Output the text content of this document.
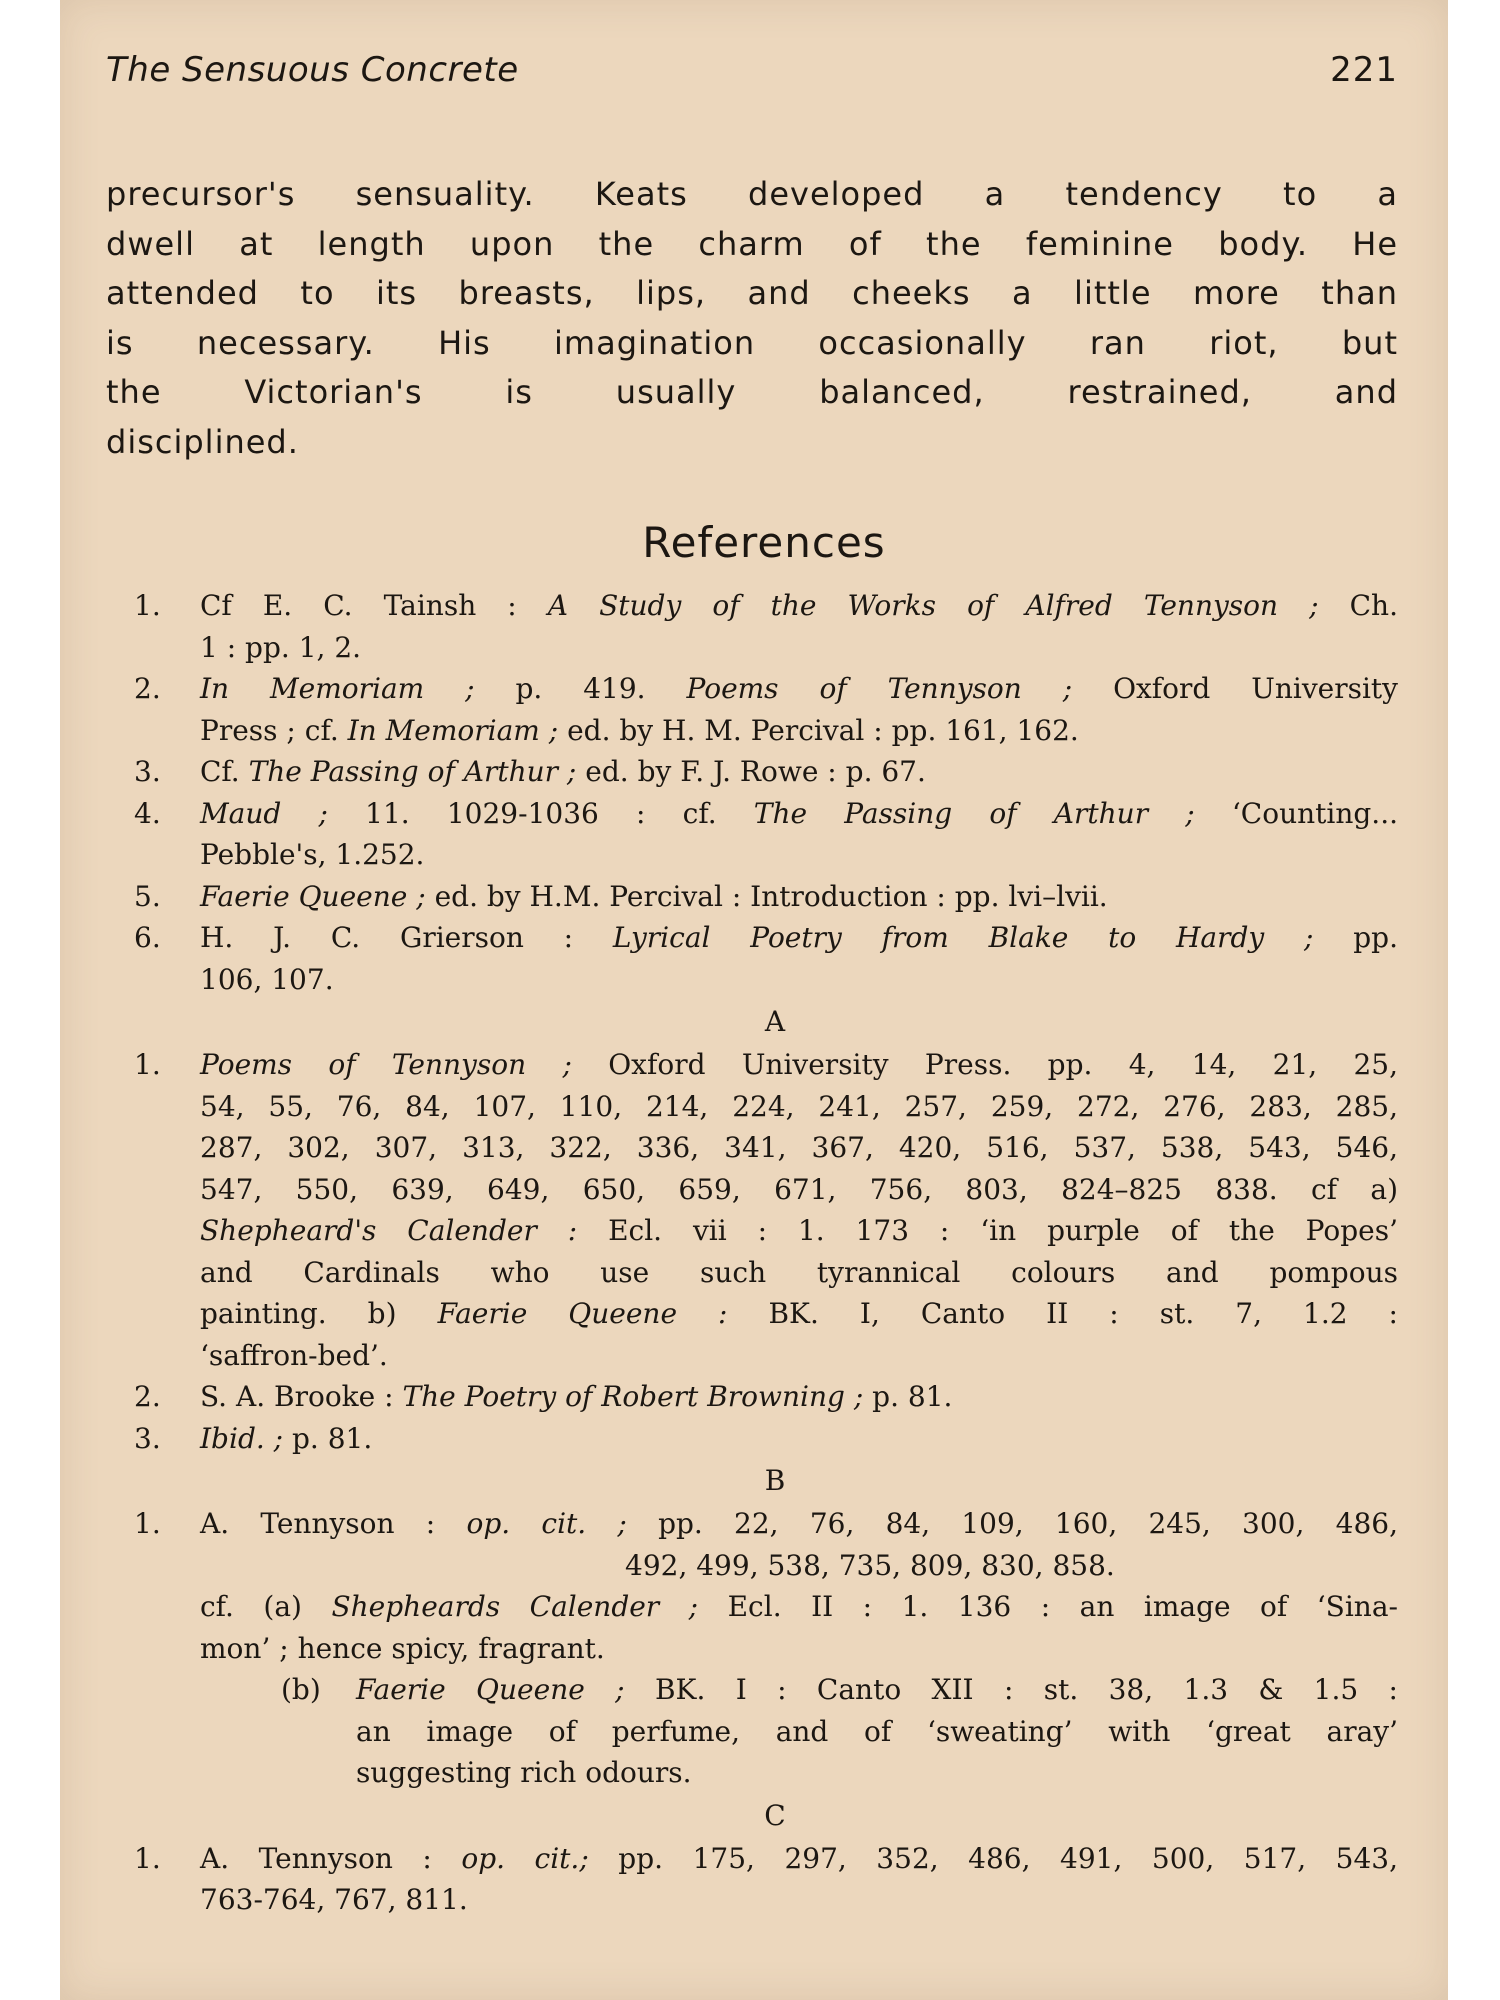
The Sensuous Concrete	221
precursor's sensuality. Keats developed a tendency to a
dwell at length upon the charm of the feminine body. He
attended to its breasts, lips, and cheeks a little more than
is necessary. His imagination occasionally ran riot, but
the Victorian's is usually balanced, restrained, and
disciplined.
References
1. Cf E. C. Tainsh : A Study of the Works of Alfred Tennyson ; Ch.
1 : pp. 1, 2.
2. In Memoriam ; p. 419. Poems of Tennyson ; Oxford University
Press ; cf. In Memoriam ; ed. by H. M. Percival : pp. 161, 162.
3. Cf. The Passing of Arthur ; ed. by F. J. Rowe : p. 67.
4. Maud ; 11. 1029-1036 : cf. The Passing of Arthur ; ‘Counting...
Pebble's, 1.252.
5. Faerie Queene ; ed. by H.M. Percival : Introduction : pp. lvi–lvii.
6. H. J. C. Grierson : Lyrical Poetry from Blake to Hardy ; pp.
106, 107.
A
1. Poems of Tennyson ; Oxford University Press. pp. 4, 14, 21, 25,
54, 55, 76, 84, 107, 110, 214, 224, 241, 257, 259, 272, 276, 283, 285,
287, 302, 307, 313, 322, 336, 341, 367, 420, 516, 537, 538, 543, 546,
547, 550, 639, 649, 650, 659, 671, 756, 803, 824–825 838. cf a)
Shepheard's Calender : Ecl. vii : 1. 173 : ‘in purple of the Popes’
and Cardinals who use such tyrannical colours and pompous
painting. b) Faerie Queene : BK. I, Canto II : st. 7, 1.2 :
‘saffron-bed’.
2. S. A. Brooke : The Poetry of Robert Browning ; p. 81.
3. Ibid. ; p. 81.
B
1. A. Tennyson : op. cit. ; pp. 22, 76, 84, 109, 160, 245, 300, 486,
492, 499, 538, 735, 809, 830, 858.
cf. (a) Shepheards Calender ; Ecl. II : 1. 136 : an image of ‘Sina-
mon’ ; hence spicy, fragrant.
(b) Faerie Queene ; BK. I : Canto XII : st. 38, 1.3 & 1.5 :
an image of perfume, and of ‘sweating’ with ‘great aray’
suggesting rich odours.
C
1. A. Tennyson : op. cit.; pp. 175, 297, 352, 486, 491, 500, 517, 543,
763-764, 767, 811.
